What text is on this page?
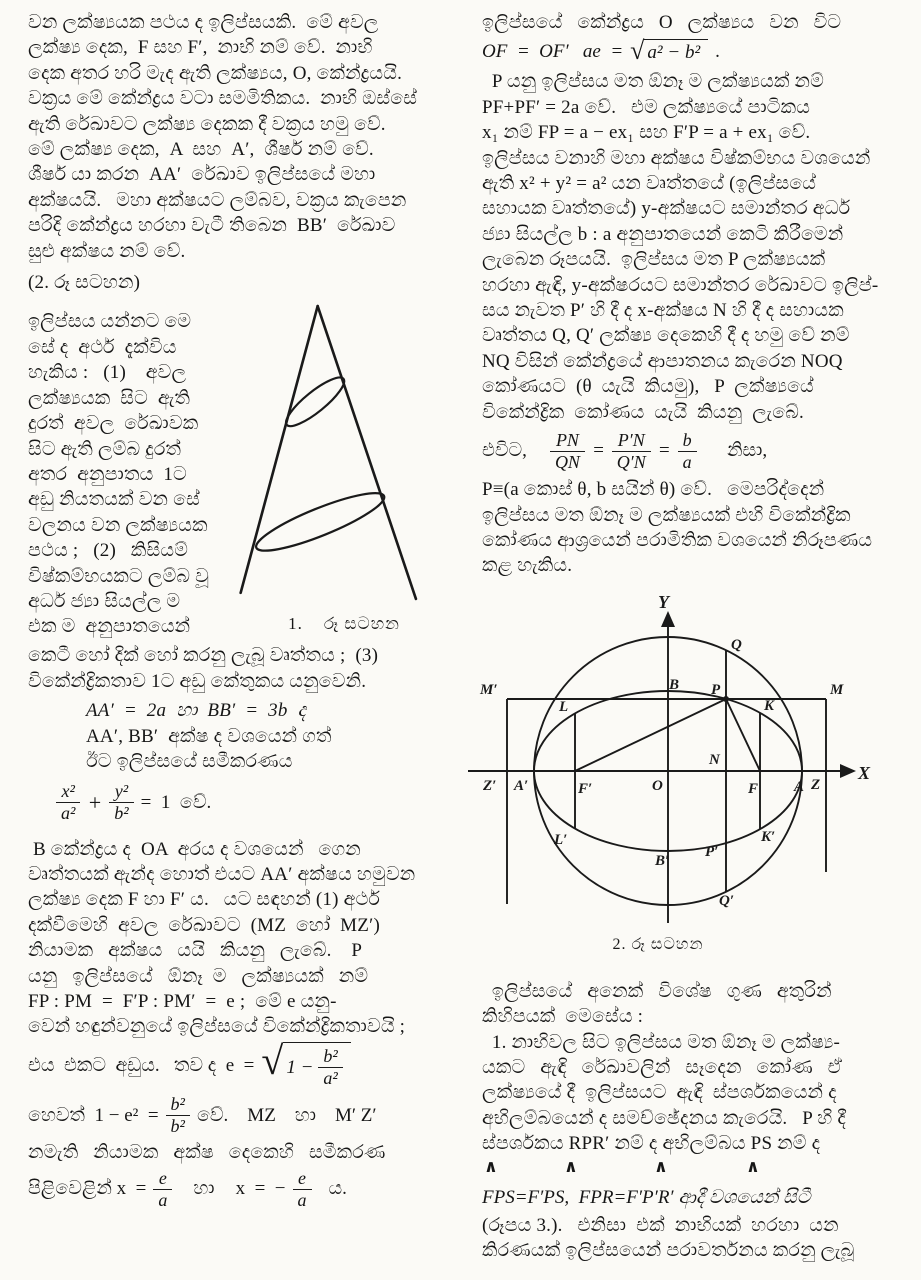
වන ලක්ෂ්‍යයක පථය ද ඉලිප්සයකි.  මේ අවල
ලක්ෂ්‍ය දෙක,  F සහ F′,  නාභි නම් වේ.  නාභි
දෙක අතර හරි මැද ඇති ලක්ෂ්‍යය, O, කේන්ද්‍රයයි.
වක්‍රය මේ කේන්ද්‍රය වටා සමමිතිකය.  නාභි ඔස්සේ
ඇති රේඛාවට ලක්ෂ්‍ය දෙකක දී වක්‍රය හමු වේ.
මේ ලක්ෂ්‍ය දෙක,  A  සහ  A′,  ශීර්ෂ නම් වේ.
ශීර්ෂ යා කරන  AA′  රේඛාව ඉලිප්සයේ මහා
අක්ෂයයි.   මහා අක්ෂයට ලම්බව, වක්‍රය කැපෙන
පරිදි කේන්ද්‍රය හරහා වැටී තිබෙන  BB′  රේඛාව
සුළු අක්ෂය නම් වේ.
(2. රූ සටහන)
ඉලිප්සය යන්නට මෙ
සේ ද  අර්ථ  දැක්විය
හැකිය :   (1)    අවල
ලක්ෂ්‍යයක  සිට  ඇති
දුරත්  අවල  රේඛාවක
සිට ඇති ලම්බ දුරත්
අතර  අනුපාතය  1ට
අඩු නියතයක් වන සේ
වලනය වන ලක්ෂ්‍යයක
පථය ;   (2)   කිසියම්
විෂ්කම්භයකට ලම්බ වූ
අර්ධ ජ්‍යා සියල්ල ම
එක ම  අනුපාතයෙන්	1.    රූ සටහන
කෙටී හෝ දික් හෝ කරනු ලැබූ වෘත්තය ;  (3)
විකේන්ද්‍රිකතාව 1ට අඩු කේතුකය යනුවෙනි.
AA′  =  2a  හා  BB′  =  3b  ද
AA′, BB′  අක්ෂ ද වශයෙන් ගත්
ඊට ඉලිප්සයේ සමීකරණය
x²
$a^2 + \frac{\text{y²}}{\text{b²}} = 1$  වේ.
B කේන්ද්‍රය ද  OA  අරය ද වශයෙන්   ගෙන
වෘත්තයක් ඇන්ද හොත් එයට AA′ අක්ෂය හමුවන
ලක්ෂ්‍ය දෙක F හා F′ ය.   යට සඳහන් (1) අර්ථ
දක්වීමෙහි  අවල  රේඛාවට  (MZ  හෝ  MZ′)
නියාමක   අක්ෂය   යයි   කියනු   ලැබේ.    P
යනු   ඉලිප්සයේ   ඕනෑ  ම   ලක්ෂ්‍යයක්   නම්
FP : PM  =  F′P : PM′  =  e ;  මේ e යනු-
වෙන් හඳුන්වනුයේ ඉලිප්සයේ විකේන්ද්‍රිකතාවයි ;
එය  එකට  අඩුය.   තව ද  e  = √ $1 - \frac{\text{b²}}{\text{a²}}$
හෙවත්  $1 - e^2 = \frac{\text{b²}}{\text{b²}}$ වේ.    MZ    හා    M′ Z′
නමැති   නියාමක   අක්ෂ   දෙකෙහි   සමීකරණ
පිළිවෙළින් $x = \frac{e}{a}$	හා	x  =  − $\frac{e}{a}$ ය.
ඉලිප්සයේ   කේන්ද්‍රය   O   ලක්ෂ්‍යය   වන   විට
OF  =  OF′   ae  = √ a² − b² .
P යනු ඉලිප්සය මත ඕනෑ ම ලක්ෂ්‍යයක් නම්
PF+PF′ = 2a වේ.   එම ලක්ෂ්‍යයේ පාටිකය
x₁ නම් FP = a − ex₁ සහ F′P = a + ex₁ වේ.
ඉලිප්සය වනාහි මහා අක්ෂය විෂ්කම්භය වශයෙන්
ඇති x² + y² = a² යන වෘත්තයේ (ඉලිප්සයේ
සහායක වෘත්තයේ) y-අක්ෂයට සමාන්තර අර්ධ
ජ්‍යා සියල්ල b : a අනුපාතයෙන් කෙටි කිරීමෙන්
ලැබෙන රූපයයි.  ඉලිප්සය මත P ලක්ෂ්‍යයක්
හරහා ඇඳි, y-අක්ෂරයට සමාන්තර රේඛාවට ඉලිප්-
සය නැවත P′ හි දී ද x-අක්ෂය N හි දී ද සහායක
වෘත්තය Q, Q′ ලක්ෂ්‍ය දෙකෙහි දී ද හමු වේ නම්
NQ විසින් කේන්ද්‍රයේ ආපාතනය කැරෙන NOQ
කෝණයට  (θ  යැයි  කියමු),   P  ලක්ෂ්‍යයේ
විකේන්ද්‍රික  කෝණය  යැයි  කියනු  ලැබේ.
එවිට,	$\frac{PN}{QN} = \frac{P'N}{Q'N} = \frac{b}{a}$	නිසා,
P≡(a කොස් θ, b සයින් θ) වේ.   මෙපරිද්දෙන්
ඉලිප්සය මත ඕනෑ ම ලක්ෂ්‍යයක් එහි විකේන්ද්‍රික
කෝණය ආශ්‍රයෙන් පරාමිතික වශයෙන් නිරූපණය
කළ හැකිය.
Y
X
Q
B P
M′	M
L	K
Z′ A′	F′	O
N
F A Z
K′
L′
B′
P′
Q′
2. රූ සටහන
ඉලිප්සයේ   අනෙක්   විශේෂ   ගුණ   අතුරින්
කිහිපයක්  මෙසේය :
1. නාභිවල සිට ඉලිප්සය මත ඕනෑ ම ලක්ෂ්‍ය-
යකට   ඇඳි   රේඛාවලින්   සෑදෙන   කෝණ   ඒ
ලක්ෂ්‍යයේ දී  ඉලිප්සයට  ඇඳි  ස්පර්ශකයෙන් ද
අභිලම්බයෙන් ද සමච්ඡේදනය කැරෙයි.   P හි දී
ස්පර්ශකය RPR′ නම් ද අභිලම්බය PS නම් ද
∧	∧	∧	∧
FPS=F′PS,  FPR=F′P′R′ ආදී වශයෙන් සිටී
(රූපය 3.).   එනිසා  එක්  නාභියක්  හරහා  යන
කිරණයක් ඉලිප්සයෙන් පරාවර්තනය කරනු ලැබූ
